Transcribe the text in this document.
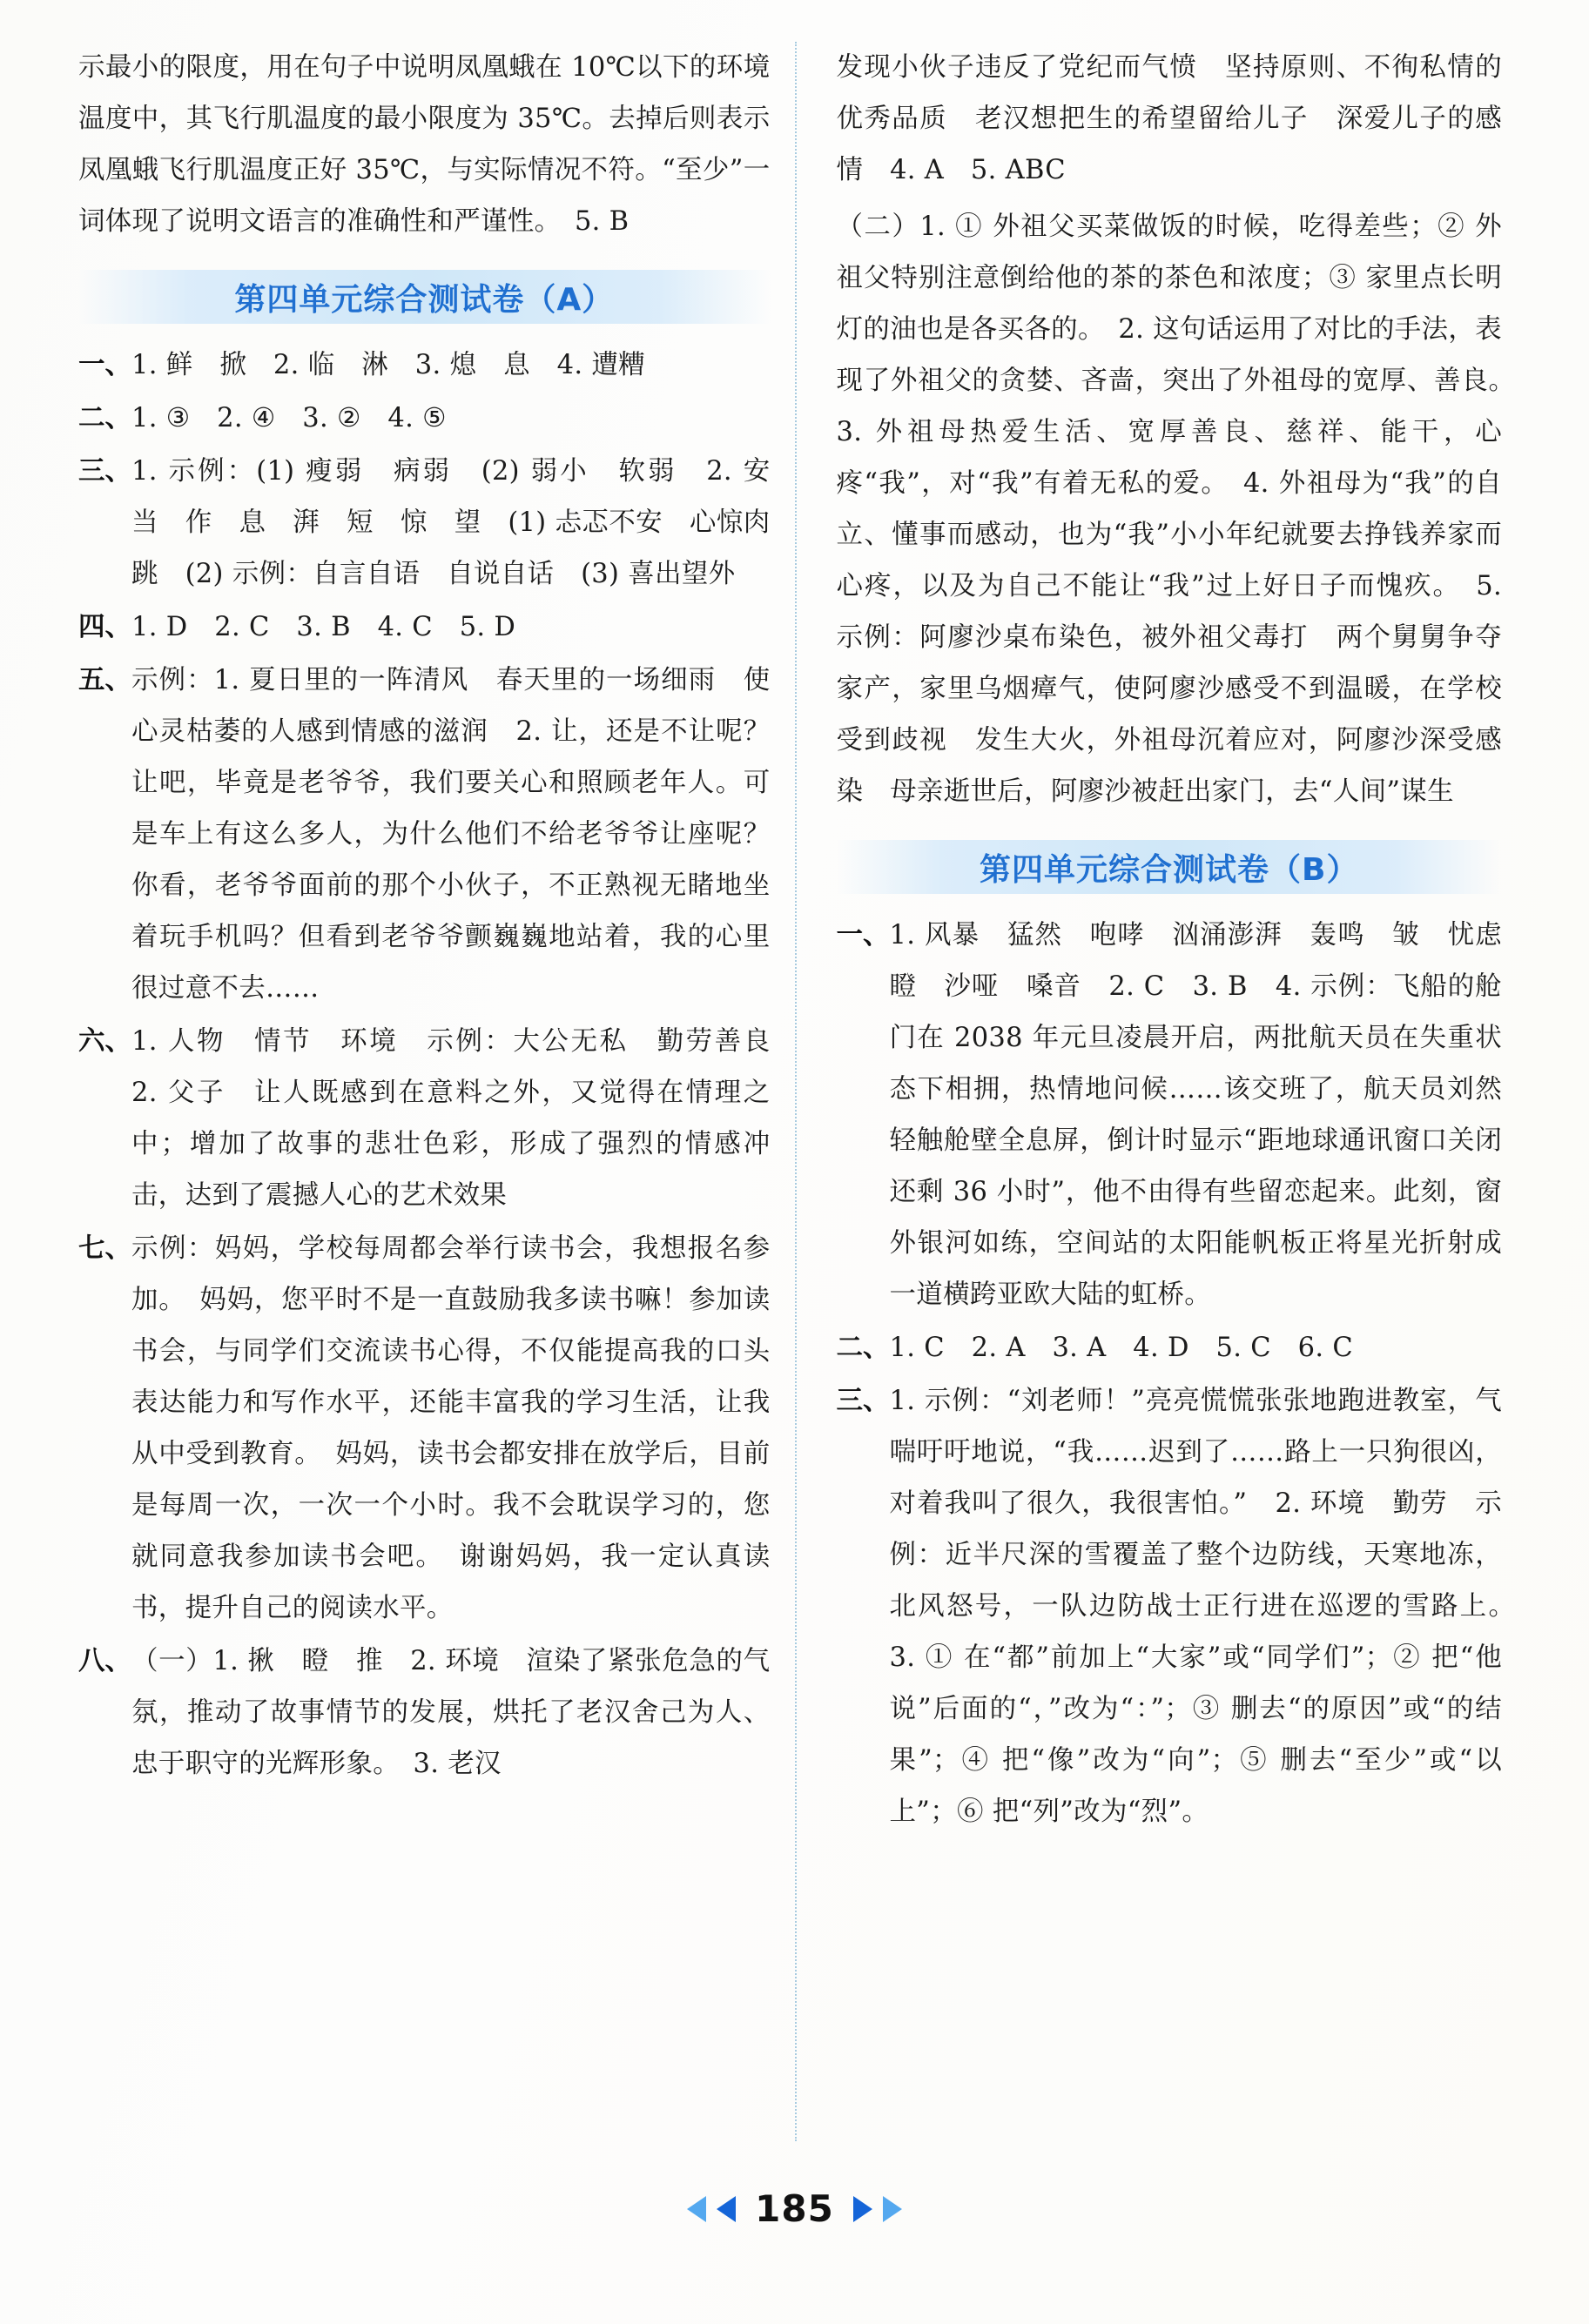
示最小的限度，用在句子中说明凤凰蛾在 10℃以下的环境温度中，其飞行肌温度的最小限度为 35℃。去掉后则表示凤凰蛾飞行肌温度正好 35℃，与实际情况不符。“至少”一词体现了说明文语言的准确性和严谨性。　5. B

第四单元综合测试卷（A）
一、 1. 鲜　掀　2. 临　淋　3. 熄　息　4. 遭糟
二、 1. ③　2. ④　3. ②　4. ⑤
三、 1. 示例：(1) 瘦弱　病弱　(2) 弱小　软弱　2. 安　当　作　息　湃　短　惊　望　(1) 忐忑不安　心惊肉跳　(2) 示例：自言自语　自说自话　(3) 喜出望外
四、 1. D　2. C　3. B　4. C　5. D
五、 示例：1. 夏日里的一阵清风　春天里的一场细雨　使心灵枯萎的人感到情感的滋润　2. 让，还是不让呢？让吧，毕竟是老爷爷，我们要关心和照顾老年人。可是车上有这么多人，为什么他们不给老爷爷让座呢？你看，老爷爷面前的那个小伙子，不正熟视无睹地坐着玩手机吗？但看到老爷爷颤巍巍地站着，我的心里很过意不去……
六、 1. 人物　情节　环境　示例：大公无私　勤劳善良　2. 父子　让人既感到在意料之外，又觉得在情理之中；增加了故事的悲壮色彩，形成了强烈的情感冲击，达到了震撼人心的艺术效果
七、 示例：妈妈，学校每周都会举行读书会，我想报名参加。　妈妈，您平时不是一直鼓励我多读书嘛！参加读书会，与同学们交流读书心得，不仅能提高我的口头表达能力和写作水平，还能丰富我的学习生活，让我从中受到教育。　妈妈，读书会都安排在放学后，目前是每周一次，一次一个小时。我不会耽误学习的，您就同意我参加读书会吧。　谢谢妈妈，我一定认真读书，提升自己的阅读水平。
八、 （一）1. 揪　瞪　推　2. 环境　渲染了紧张危急的气氛，推动了故事情节的发展，烘托了老汉舍己为人、忠于职守的光辉形象。　3. 老汉

发现小伙子违反了党纪而气愤　坚持原则、不徇私情的优秀品质　老汉想把生的希望留给儿子　深爱儿子的感情　4. A　5. ABC

（二）1. ① 外祖父买菜做饭的时候，吃得差些；② 外祖父特别注意倒给他的茶的茶色和浓度；③ 家里点长明灯的油也是各买各的。　2. 这句话运用了对比的手法，表现了外祖父的贪婪、吝啬，突出了外祖母的宽厚、善良。　3. 外祖母热爱生活、宽厚善良、慈祥、能干，心疼“我”，对“我”有着无私的爱。　4. 外祖母为“我”的自立、懂事而感动，也为“我”小小年纪就要去挣钱养家而心疼，以及为自己不能让“我”过上好日子而愧疚。　5. 示例：阿廖沙桌布染色，被外祖父毒打　两个舅舅争夺家产，家里乌烟瘴气，使阿廖沙感受不到温暖，在学校受到歧视　发生大火，外祖母沉着应对，阿廖沙深受感染　母亲逝世后，阿廖沙被赶出家门，去“人间”谋生

第四单元综合测试卷（B）
一、 1. 风暴　猛然　咆哮　汹涌澎湃　轰鸣　皱　忧虑　瞪　沙哑　嗓音　2. C　3. B　4. 示例：飞船的舱门在 2038 年元旦凌晨开启，两批航天员在失重状态下相拥，热情地问候……该交班了，航天员刘然轻触舱壁全息屏，倒计时显示“距地球通讯窗口关闭还剩 36 小时”，他不由得有些留恋起来。此刻，窗外银河如练，空间站的太阳能帆板正将星光折射成一道横跨亚欧大陆的虹桥。
二、 1. C　2. A　3. A　4. D　5. C　6. C
三、 1. 示例：“刘老师！”亮亮慌慌张张地跑进教室，气喘吁吁地说，“我……迟到了……路上一只狗很凶，对着我叫了很久，我很害怕。”　2. 环境　勤劳　示例：近半尺深的雪覆盖了整个边防线，天寒地冻，北风怒号，一队边防战士正行进在巡逻的雪路上。　3. ① 在“都”前加上“大家”或“同学们”；② 把“他说”后面的“，”改为“：”；③ 删去“的原因”或“的结果”；④ 把“像”改为“向”；⑤ 删去“至少”或“以上”；⑥ 把“列”改为“烈”。
185
